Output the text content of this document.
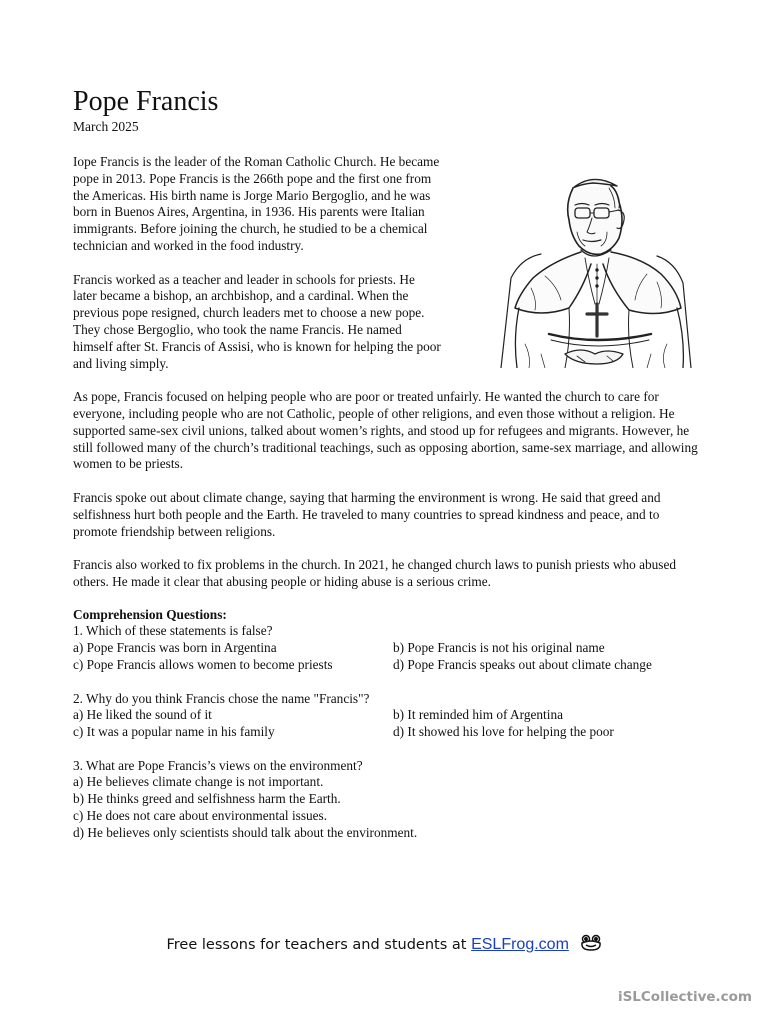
Pope Francis
March 2025

Iope Francis is the leader of the Roman Catholic Church. He became pope in 2013. Pope Francis is the 266th pope and the first one from the Americas. His birth name is Jorge Mario Bergoglio, and he was born in Buenos Aires, Argentina, in 1936. His parents were Italian immigrants. Before joining the church, he studied to be a chemical technician and worked in the food industry.

Francis worked as a teacher and leader in schools for priests. He later became a bishop, an archbishop, and a cardinal. When the previous pope resigned, church leaders met to choose a new pope. They chose Bergoglio, who took the name Francis. He named himself after St. Francis of Assisi, who is known for helping the poor and living simply.

As pope, Francis focused on helping people who are poor or treated unfairly. He wanted the church to care for everyone, including people who are not Catholic, people of other religions, and even those without a religion. He supported same-sex civil unions, talked about women’s rights, and stood up for refugees and migrants. However, he still followed many of the church’s traditional teachings, such as opposing abortion, same-sex marriage, and allowing women to be priests.

Francis spoke out about climate change, saying that harming the environment is wrong. He said that greed and selfishness hurt both people and the Earth. He traveled to many countries to spread kindness and peace, and to promote friendship between religions.

Francis also worked to fix problems in the church. In 2021, he changed church laws to punish priests who abused others. He made it clear that abusing people or hiding abuse is a serious crime.

Comprehension Questions:
1. Which of these statements is false?
a) Pope Francis was born in Argentina	b) Pope Francis is not his original name
c) Pope Francis allows women to become priests	d) Pope Francis speaks out about climate change
2. Why do you think Francis chose the name "Francis"?
a) He liked the sound of it	b) It reminded him of Argentina
c) It was a popular name in his family	d) It showed his love for helping the poor
3. What are Pope Francis’s views on the environment?
a) He believes climate change is not important.
b) He thinks greed and selfishness harm the Earth.
c) He does not care about environmental issues.
d) He believes only scientists should talk about the environment.
Free lessons for teachers and students at ESLFrog.com
iSLCollective.com
